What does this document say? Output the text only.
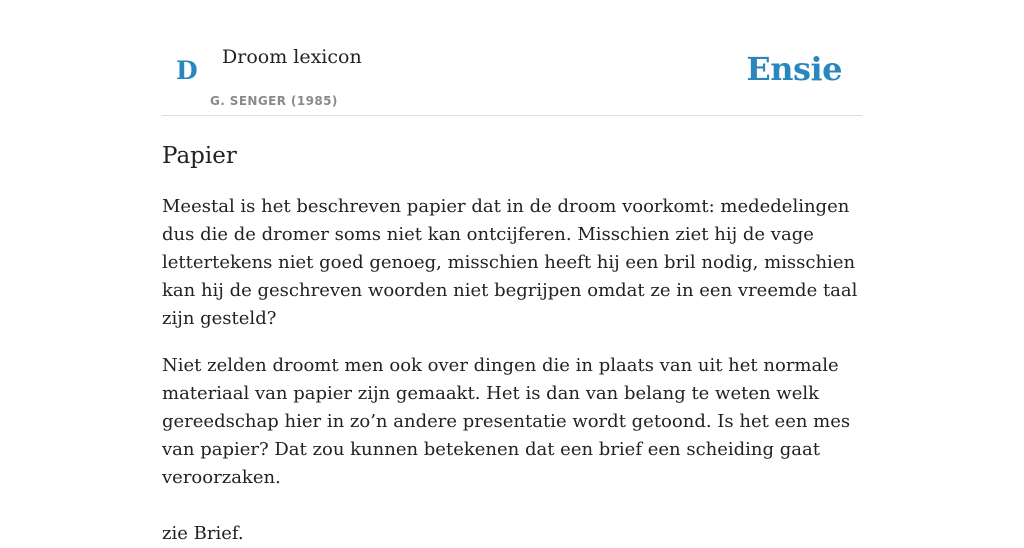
D Droom lexicon
G. SENGER (1985)
Ensie
Papier

Meestal is het beschreven papier dat in de droom voorkomt: mededelingen dus die de dromer soms niet kan ontcijferen. Misschien ziet hij de vage lettertekens niet goed genoeg, misschien heeft hij een bril nodig, misschien kan hij de geschreven woorden niet begrijpen omdat ze in een vreemde taal zijn gesteld?

Niet zelden droomt men ook over dingen die in plaats van uit het normale materiaal van papier zijn gemaakt. Het is dan van belang te weten welk gereedschap hier in zo’n andere presentatie wordt getoond. Is het een mes van papier? Dat zou kunnen betekenen dat een brief een scheiding gaat veroorzaken.

zie Brief.
